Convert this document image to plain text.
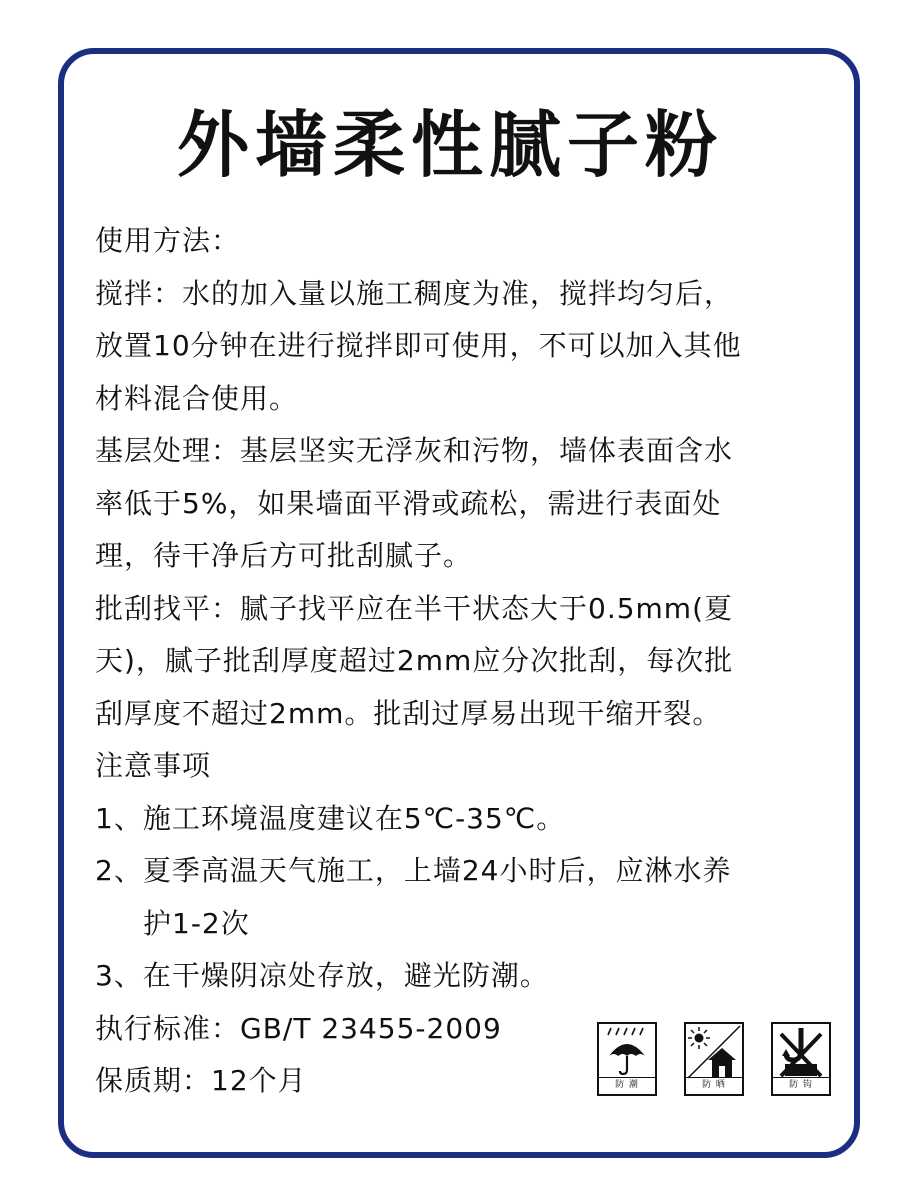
外墙柔性腻子粉
使用方法：
搅拌：水的加入量以施工稠度为准，搅拌均匀后，
放置10分钟在进行搅拌即可使用，不可以加入其他
材料混合使用。
基层处理：基层坚实无浮灰和污物，墙体表面含水
率低于5%，如果墙面平滑或疏松，需进行表面处
理，待干净后方可批刮腻子。
批刮找平：腻子找平应在半干状态大于0.5mm(夏
天)，腻子批刮厚度超过2mm应分次批刮，每次批
刮厚度不超过2mm。批刮过厚易出现干缩开裂。
注意事项
1、施工环境温度建议在5℃-35℃。
2、夏季高温天气施工，上墙24小时后，应淋水养
护1-2次
3、在干燥阴凉处存放，避光防潮。
执行标准：GB/T 23455-2009
保质期：12个月	防 潮	防 晒	防 钩
